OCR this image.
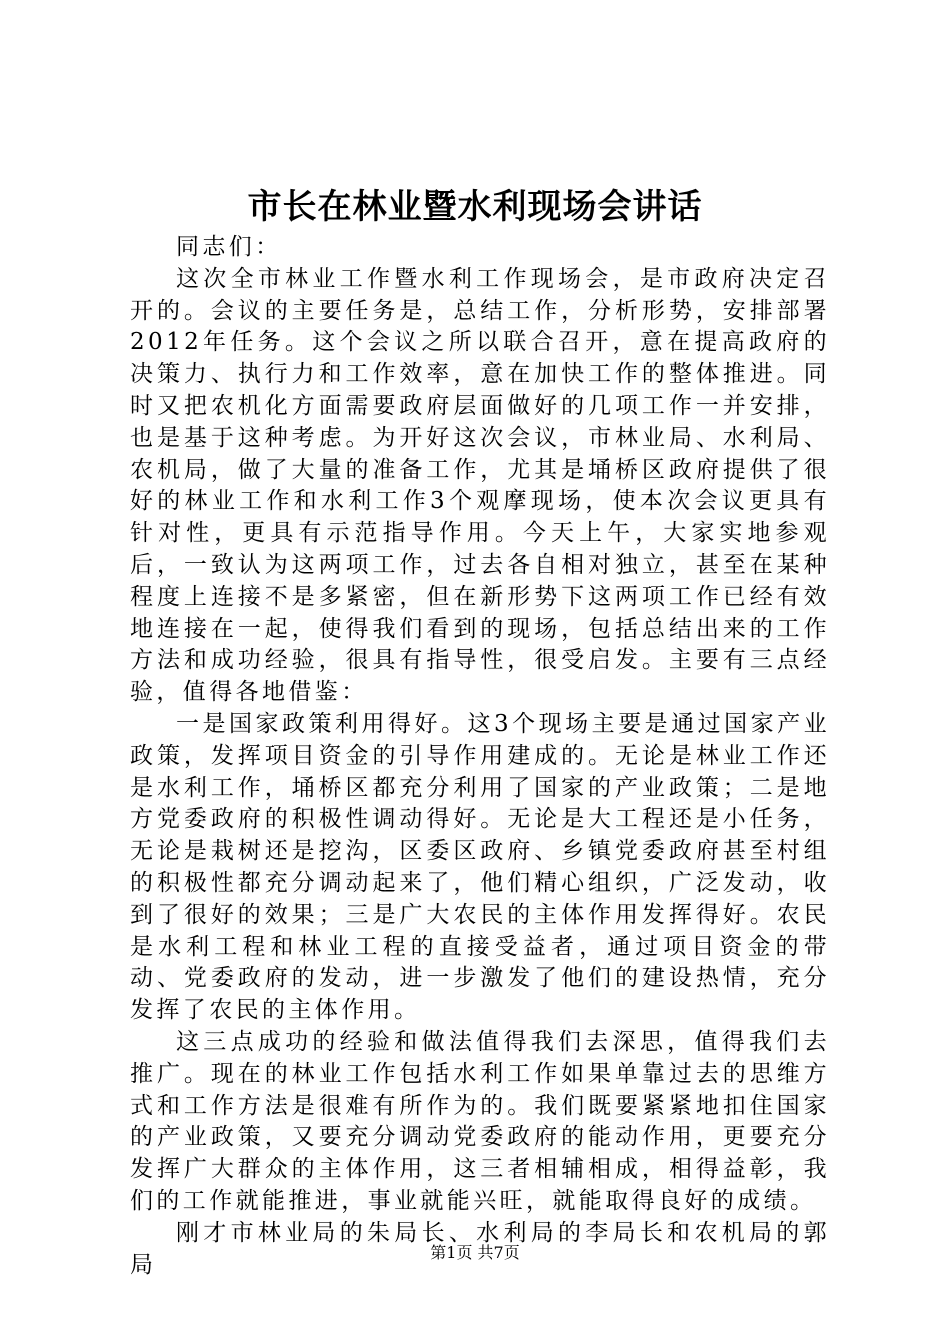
市长在林业暨水利现场会讲话

同志们：

这次全市林业工作暨水利工作现场会，是市政府决定召开的。会议的主要任务是，总结工作，分析形势，安排部署2012年任务。这个会议之所以联合召开，意在提高政府的决策力、执行力和工作效率，意在加快工作的整体推进。同时又把农机化方面需要政府层面做好的几项工作一并安排，也是基于这种考虑。为开好这次会议，市林业局、水利局、农机局，做了大量的准备工作，尤其是埇桥区政府提供了很好的林业工作和水利工作3个观摩现场，使本次会议更具有针对性，更具有示范指导作用。今天上午，大家实地参观后，一致认为这两项工作，过去各自相对独立，甚至在某种程度上连接不是多紧密，但在新形势下这两项工作已经有效地连接在一起，使得我们看到的现场，包括总结出来的工作方法和成功经验，很具有指导性，很受启发。主要有三点经验，值得各地借鉴：

一是国家政策利用得好。这3个现场主要是通过国家产业政策，发挥项目资金的引导作用建成的。无论是林业工作还是水利工作，埇桥区都充分利用了国家的产业政策；二是地方党委政府的积极性调动得好。无论是大工程还是小任务，无论是栽树还是挖沟，区委区政府、乡镇党委政府甚至村组的积极性都充分调动起来了，他们精心组织，广泛发动，收到了很好的效果；三是广大农民的主体作用发挥得好。农民是水利工程和林业工程的直接受益者，通过项目资金的带动、党委政府的发动，进一步激发了他们的建设热情，充分发挥了农民的主体作用。

这三点成功的经验和做法值得我们去深思，值得我们去推广。现在的林业工作包括水利工作如果单靠过去的思维方式和工作方法是很难有所作为的。我们既要紧紧地扣住国家的产业政策，又要充分调动党委政府的能动作用，更要充分发挥广大群众的主体作用，这三者相辅相成，相得益彰，我们的工作就能推进，事业就能兴旺，就能取得良好的成绩。

刚才市林业局的朱局长、水利局的李局长和农机局的郭局	第1页 共7页
